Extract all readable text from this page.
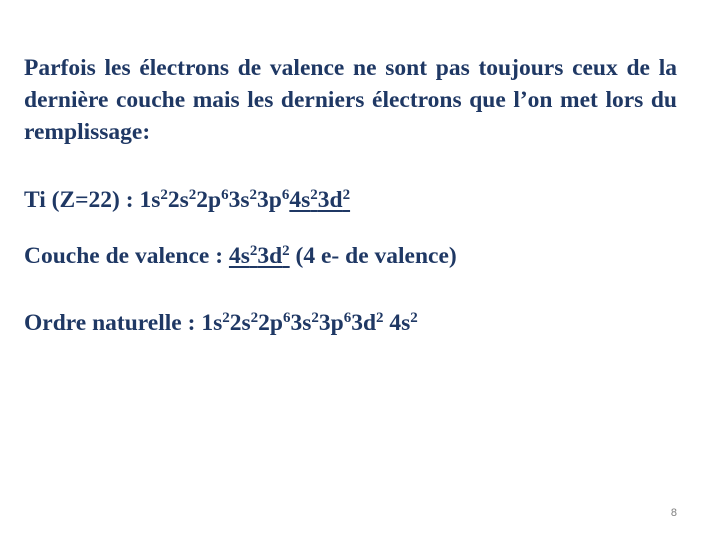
Parfois les électrons de valence ne sont pas toujours ceux de la dernière couche mais les derniers électrons que l’on met lors du remplissage:
Ti (Z=22) : $1s^22s^22p^63s^23p^64s^23d^2$
Couche de valence : $4s^23d^2$ (4 e- de valence)
Ordre naturelle : $1s^22s^22p^63s^23p^63d^2$ $4s^2$
8
